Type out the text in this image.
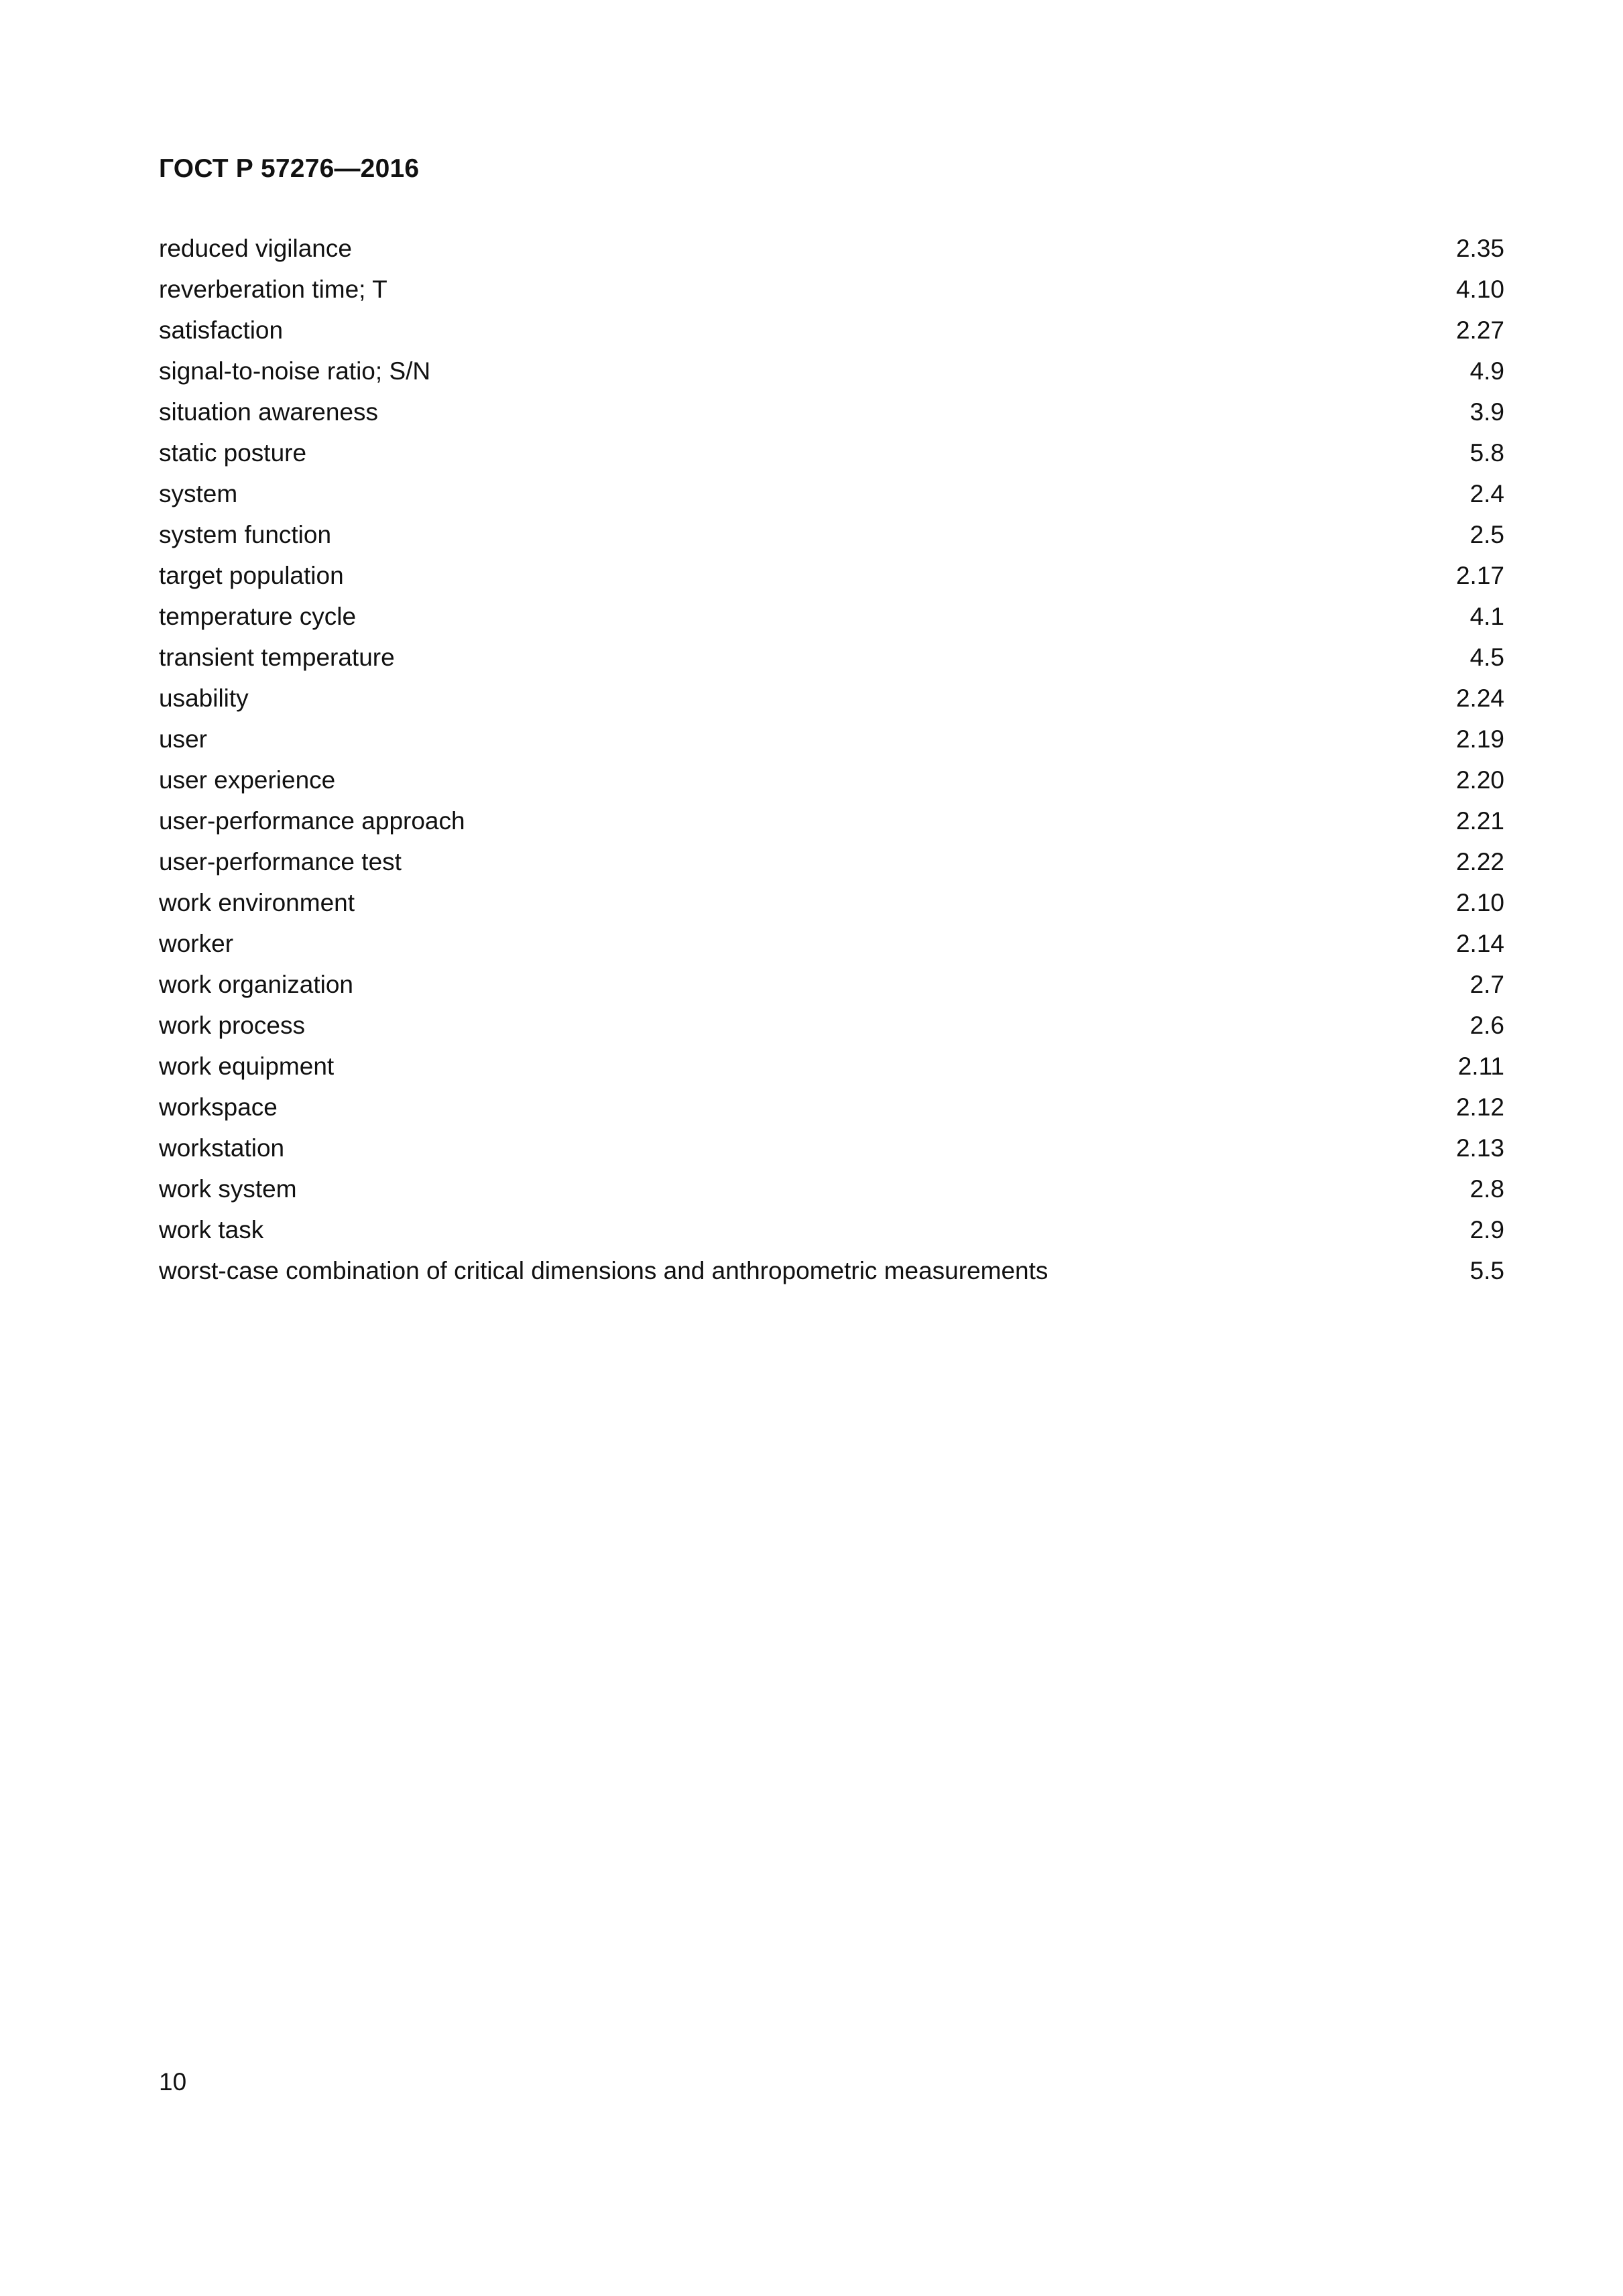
ГОСТ Р 57276—2016
reduced vigilance	2.35
reverberation time; T	4.10
satisfaction	2.27
signal-to-noise ratio; S/N	4.9
situation awareness	3.9
static posture	5.8
system	2.4
system function	2.5
target population	2.17
temperature cycle	4.1
transient temperature	4.5
usability	2.24
user	2.19
user experience	2.20
user-performance approach	2.21
user-performance test	2.22
work environment	2.10
worker	2.14
work organization	2.7
work process	2.6
work equipment	2.11
workspace	2.12
workstation	2.13
work system	2.8
work task	2.9
worst-case combination of critical dimensions and anthropometric measurements	5.5
10
